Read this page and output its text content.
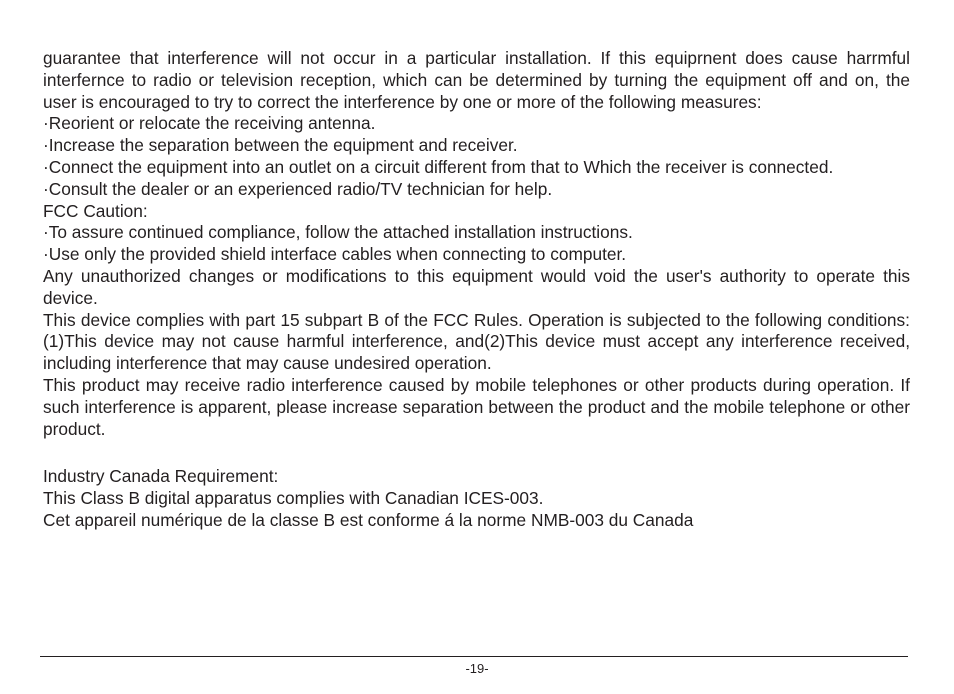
guarantee that interference will not occur in a particular installation. If this equiprnent does cause harrmful interfernce to radio or television reception, which can be determined by turning the equipment off and on, the user is encouraged to try to correct the interference by one or more of the following measures:

·Reorient or relocate the receiving antenna.

·Increase the separation between the equipment and receiver.

·Connect the equipment into an outlet on a circuit different from that to Which the receiver is connected.

·Consult the dealer or an experienced radio/TV technician for help.

FCC Caution:

·To assure continued compliance, follow the attached installation instructions.

·Use only the provided shield interface cables when connecting to computer.

Any unauthorized changes or modifications to this equipment would void the user's authority to operate this device.

This device complies with part 15 subpart B of the FCC Rules. Operation is subjected to the following conditions:(1)This device may not cause harmful interference, and(2)This device must accept any interference received, including interference that may cause undesired operation.

This product may receive radio interference caused by mobile telephones or other products during operation. If such interference is apparent, please increase separation between the product and the mobile telephone or other product.

Industry Canada Requirement:

This Class B digital apparatus complies with Canadian ICES-003.

Cet appareil numérique de la classe B est conforme á la norme NMB-003 du Canada

-19-
